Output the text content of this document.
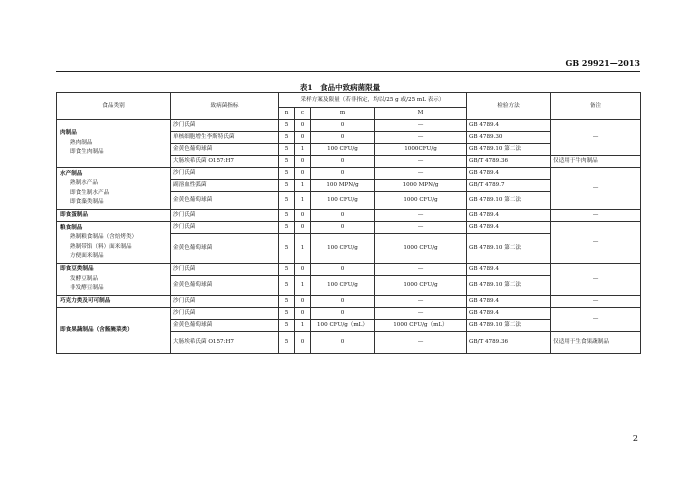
GB 29921—2013
表1　食品中致病菌限量
食品类别	致病菌指标	采样方案及限量（若非指定，均以/25 g 或/25 mL 表示）				检验方法	备注
		n	c	m	M		

肉制品
熟肉制品
即食生肉制品	沙门氏菌	5	0	0	—	GB 4789.4	—
	单核细胞增生李斯特氏菌	5	0	0	—	GB 4789.30	
	金黄色葡萄球菌	5	1	100 CFU/g	1000CFU/g	GB 4789.10 第二法	
	大肠埃希氏菌 O157:H7	5	0	0	—	GB/T 4789.36	仅适用于牛肉制品

水产制品
熟制水产品
即食生制水产品
即食藻类制品	沙门氏菌	5	0	0	—	GB 4789.4	—
	副溶血性弧菌	5	1	100 MPN/g	1000 MPN/g	GB/T 4789.7	
	金黄色葡萄球菌	5	1	100 CFU/g	1000 CFU/g	GB 4789.10 第二法	

即食蛋制品	沙门氏菌	5	0	0	—	GB 4789.4	—

粮食制品
熟制粮食制品（含焙烤类）
熟制带馅（料）面米制品
方便面米制品	沙门氏菌	5	0	0	—	GB 4789.4	—
	金黄色葡萄球菌	5	1	100 CFU/g	1000 CFU/g	GB 4789.10 第二法	

即食豆类制品
发酵豆制品
非发酵豆制品	沙门氏菌	5	0	0	—	GB 4789.4	—
	金黄色葡萄球菌	5	1	100 CFU/g	1000 CFU/g	GB 4789.10 第二法	

巧克力类及可可制品	沙门氏菌	5	0	0	—	GB 4789.4	—

即食果蔬制品（含酱腌菜类）	沙门氏菌	5	0	0	—	GB 4789.4	—
	金黄色葡萄球菌	5	1	100 CFU/g（mL）	1000 CFU/g（mL）	GB 4789.10 第二法	
	大肠埃希氏菌 O157:H7	5	0	0	—	GB/T 4789.36	仅适用于生食果蔬制品
2
